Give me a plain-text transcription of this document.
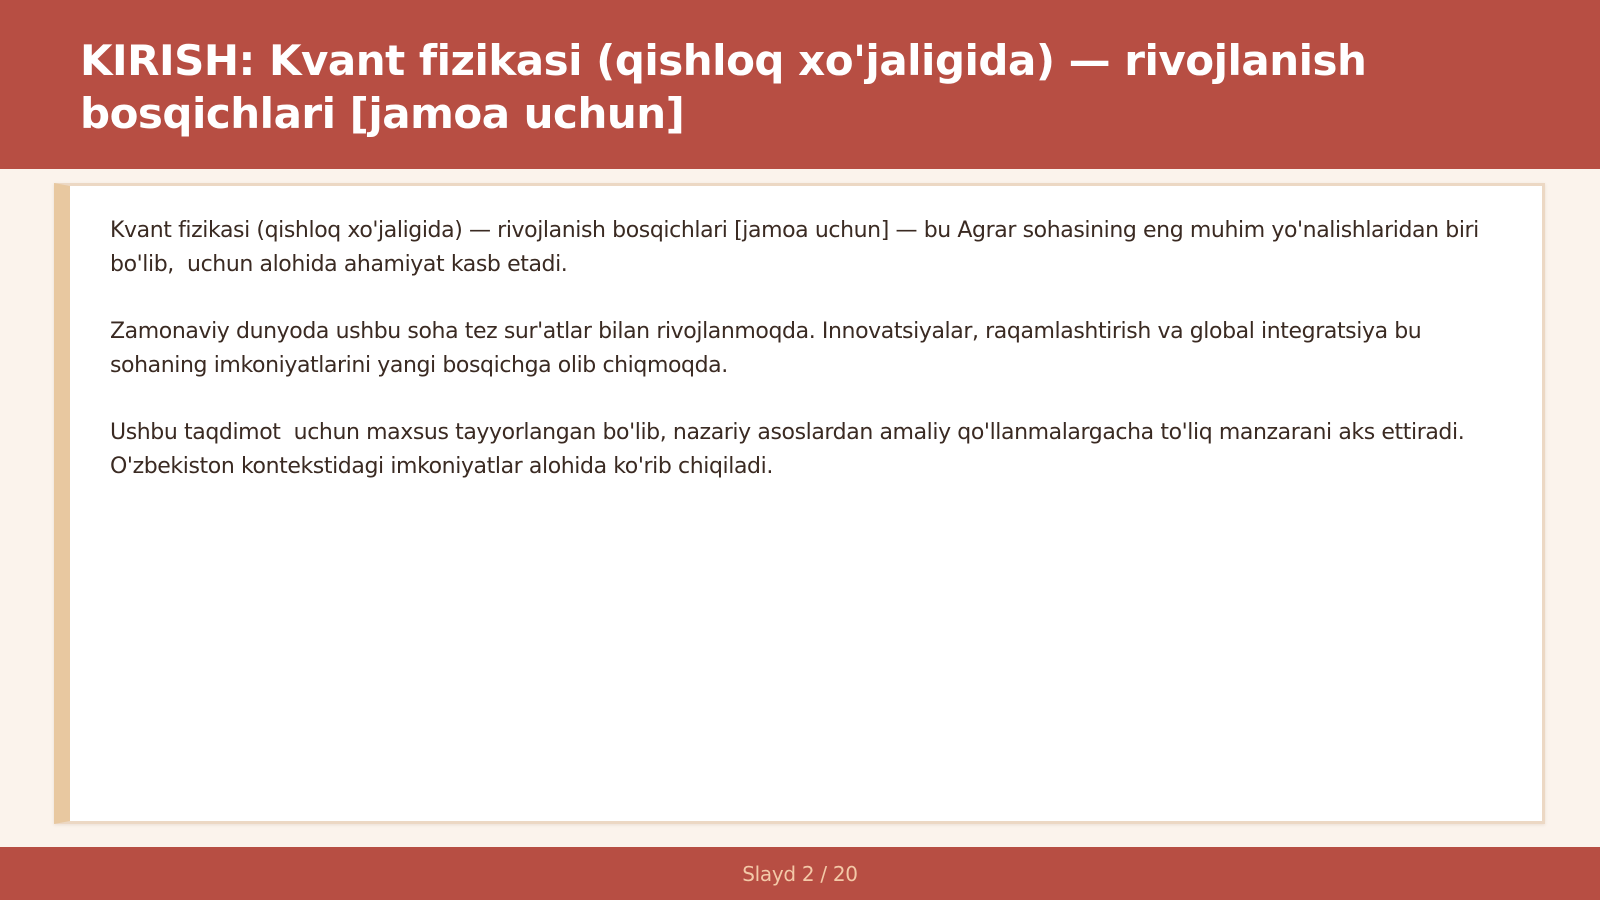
KIRISH: Kvant fizikasi (qishloq xo'jaligida) — rivojlanish bosqichlari [jamoa uchun]

Kvant fizikasi (qishloq xo'jaligida) — rivojlanish bosqichlari [jamoa uchun] — bu Agrar sohasining eng muhim yo'nalishlaridan biri bo'lib,  uchun alohida ahamiyat kasb etadi.

Zamonaviy dunyoda ushbu soha tez sur'atlar bilan rivojlanmoqda. Innovatsiyalar, raqamlashtirish va global integratsiya bu sohaning imkoniyatlarini yangi bosqichga olib chiqmoqda.

Ushbu taqdimot  uchun maxsus tayyorlangan bo'lib, nazariy asoslardan amaliy qo'llanmalargacha to'liq manzarani aks ettiradi. O'zbekiston kontekstidagi imkoniyatlar alohida ko'rib chiqiladi.

Slayd 2 / 20
